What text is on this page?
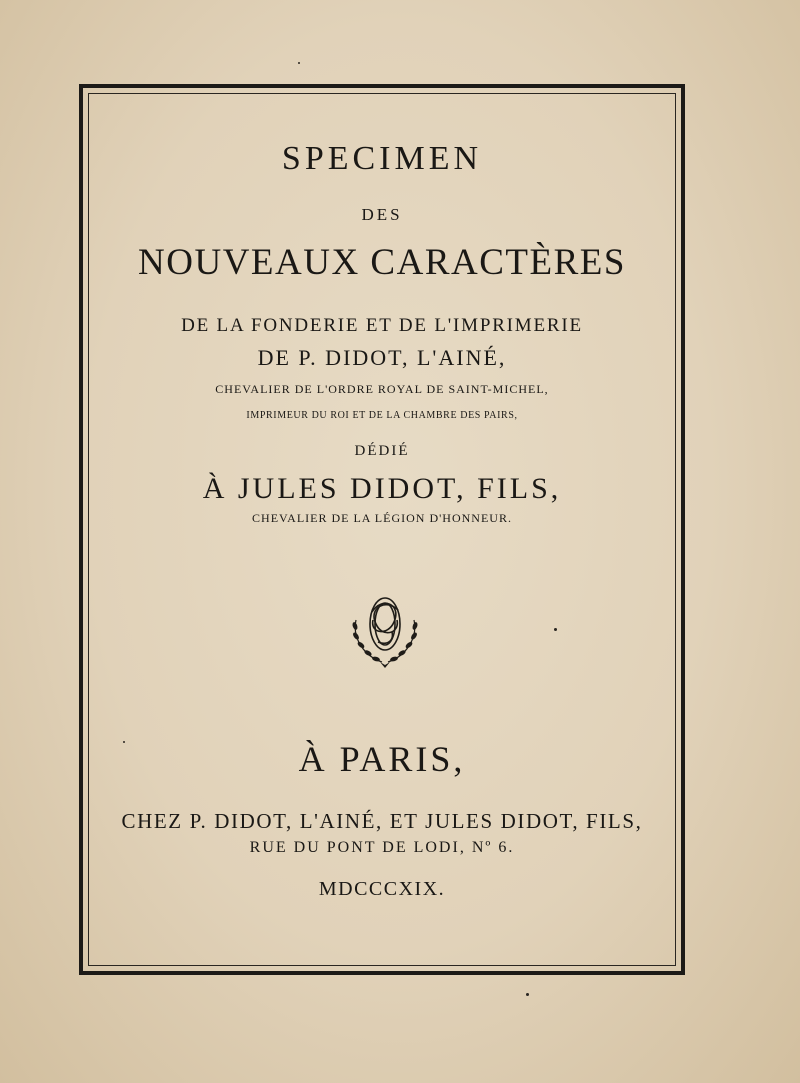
SPECIMEN

DES

NOUVEAUX CARACTÈRES

DE LA FONDERIE ET DE L'IMPRIMERIE

DE P. DIDOT, L'AINÉ,

CHEVALIER DE L'ORDRE ROYAL DE SAINT-MICHEL,

IMPRIMEUR DU ROI ET DE LA CHAMBRE DES PAIRS,

DÉDIÉ

À JULES DIDOT, FILS,

CHEVALIER DE LA LÉGION D'HONNEUR.

À PARIS,

CHEZ P. DIDOT, L'AINÉ, ET JULES DIDOT, FILS,

RUE DU PONT DE LODI, Nº 6.

MDCCCXIX.
